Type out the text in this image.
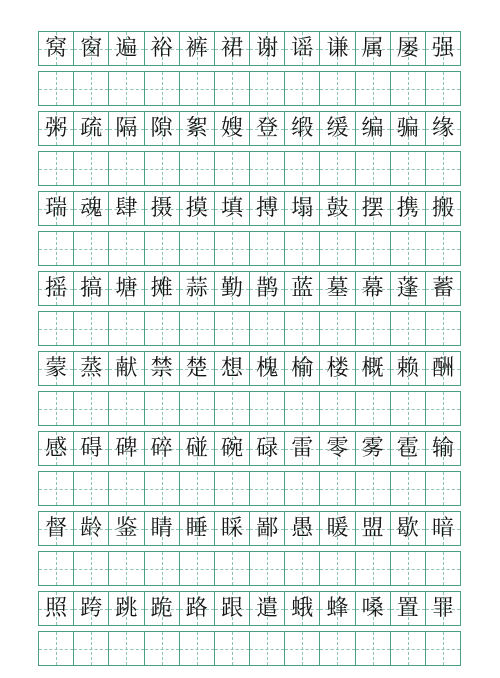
窝 窗 遍 裕 裤 裙 谢 谣 谦 属 屡 强
粥 疏 隔 隙 絮 嫂 登 缎 缓 编 骗 缘
瑞 魂 肆 摄 摸 填 搏 塌 鼓 摆 携 搬
摇 搞 塘 摊 蒜 勤 鹊 蓝 墓 幕 蓬 蓄
蒙 蒸 献 禁 楚 想 槐 榆 楼 概 赖 酬
感 碍 碑 碎 碰 碗 碌 雷 零 雾 雹 输
督 龄 鉴 睛 睡 睬 鄙 愚 暖 盟 歇 暗
照 跨 跳 跪 路 跟 遣 蛾 蜂 嗓 置 罪
